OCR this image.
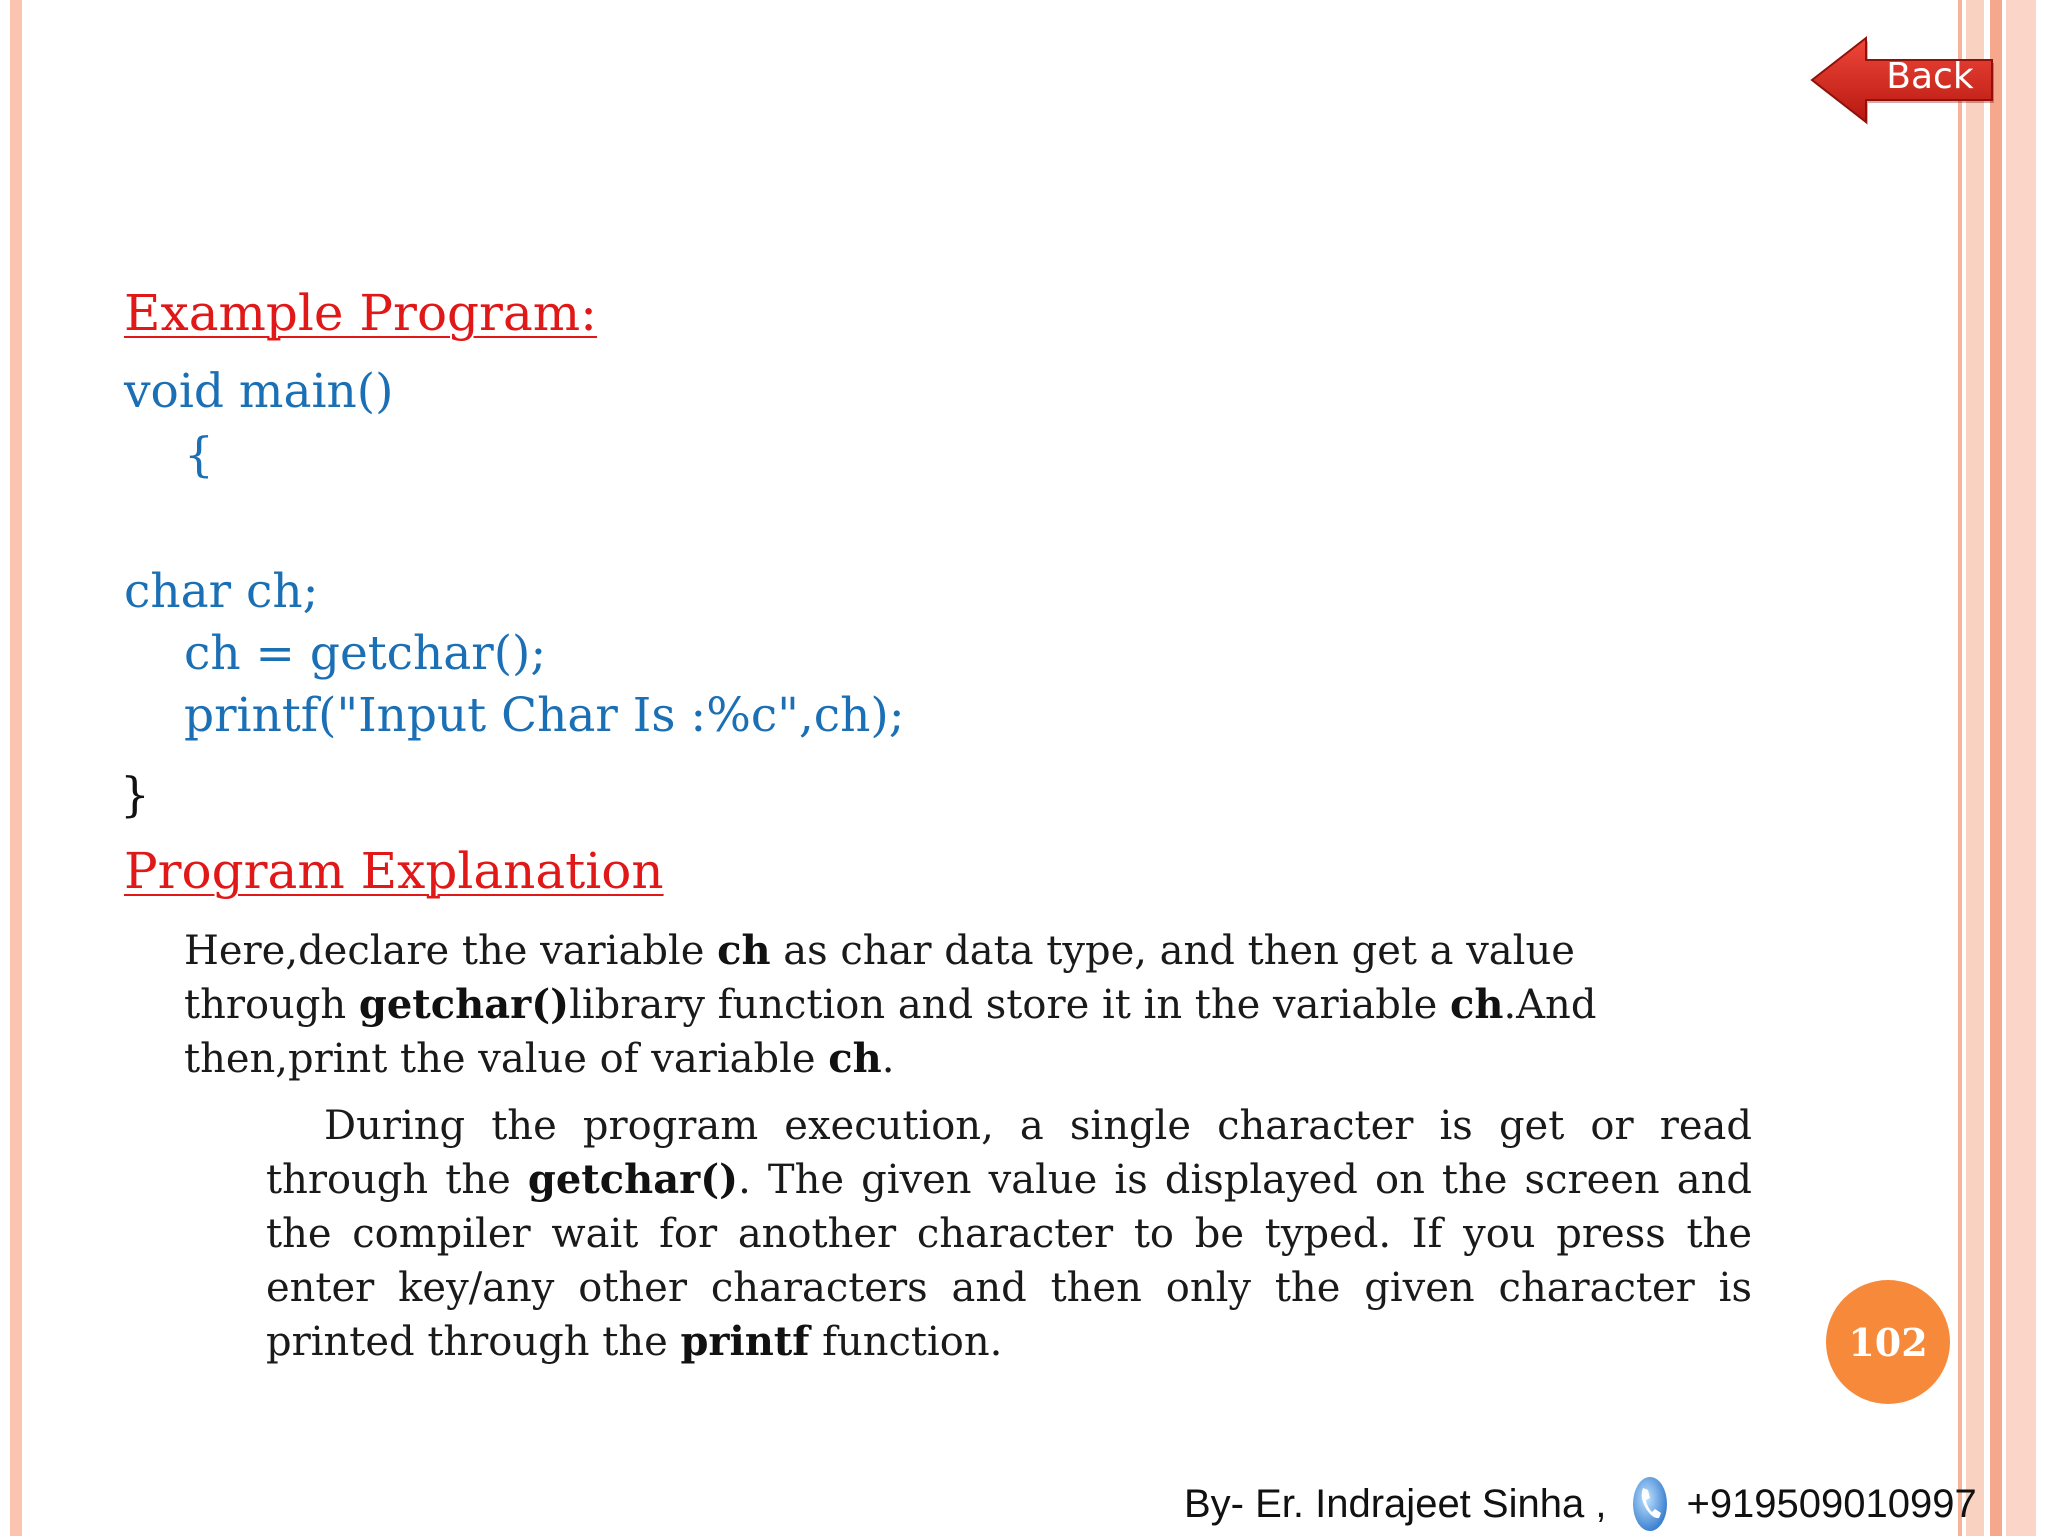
Back
Example Program:
void main()
{
char ch;
ch = getchar();
printf("Input Char Is :%c",ch);
}
Program Explanation
Here,declare the variable ch as char data type, and then get a value
through getchar()library function and store it in the variable ch.And
then,print the value of variable ch.
During the program execution, a single character is get or read through the getchar(). The given value is displayed on the screen and the compiler wait for another character to be typed. If you press the enter key/any other characters and then only the given character is printed through the printf function.	102
By- Er. Indrajeet Sinha , +919509010997
